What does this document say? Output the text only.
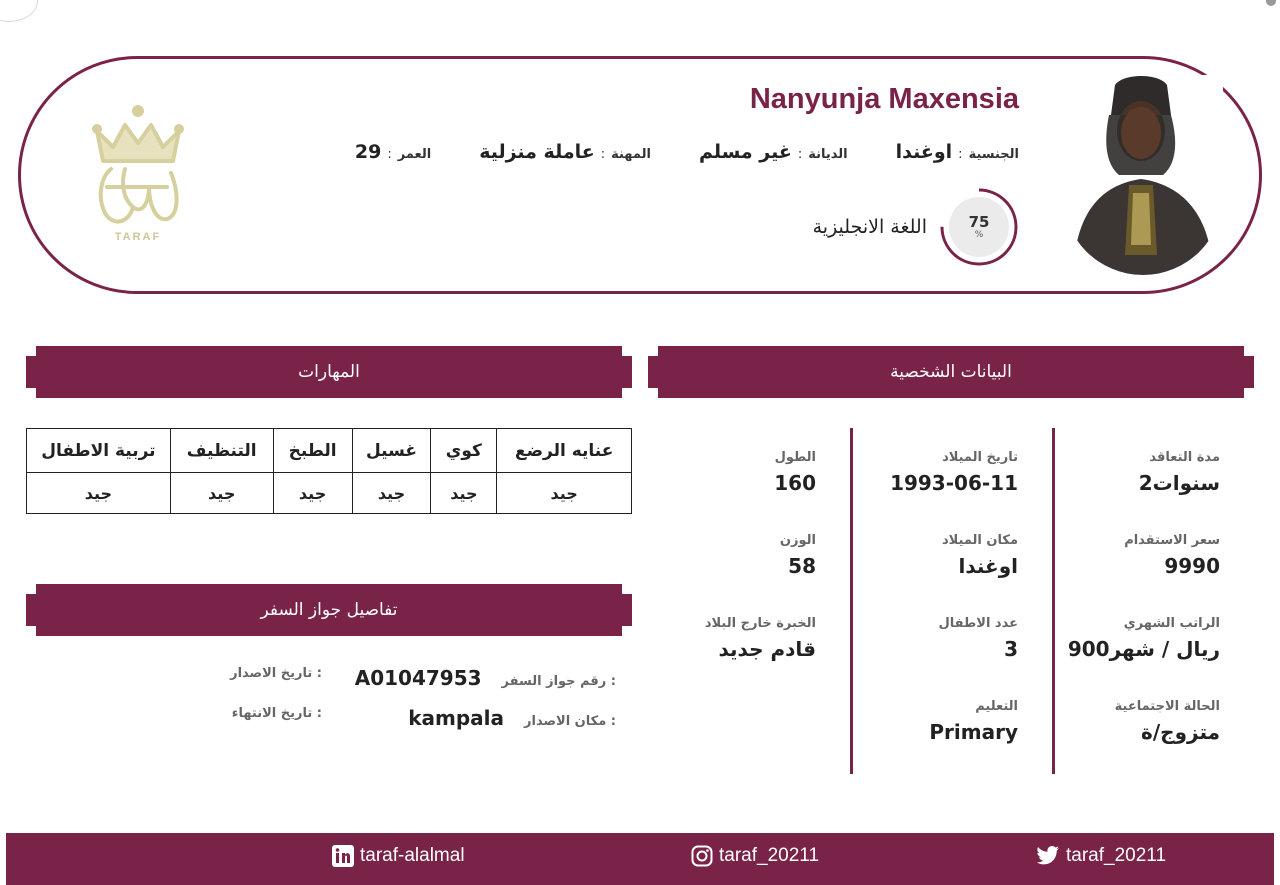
TARAF
Nanyunja Maxensia
الجنسية
:
اوغندا
الديانة
:
غير مسلم
المهنة
:
عاملة منزلية
العمر
:
29
75
%
اللغة الانجليزية
البيانات الشخصية
المهارات
مدة التعاقد
2سنوات
سعر الاستقدام
9990
الراتب الشهري
900ريال / شهر
الحالة الاجتماعية
متزوج/ة
تاريخ الميلاد
1993-06-11
مكان الميلاد
اوغندا
عدد الاطفال
3
التعليم
Primary
الطول
160
الوزن
58
الخبرة خارج البلاد
قادم جديد
عنايه الرضع	كوي	غسيل	الطبخ	التنظيف	تربية الاطفال
جيد	جيد	جيد	جيد	جيد	جيد
تفاصيل جواز السفر
رقم جواز السفر :
A01047953
مكان الاصدار :
kampala
تاريخ الاصدار :
تاريخ الانتهاء :
taraf-alalmal	taraf_20211	taraf_20211
